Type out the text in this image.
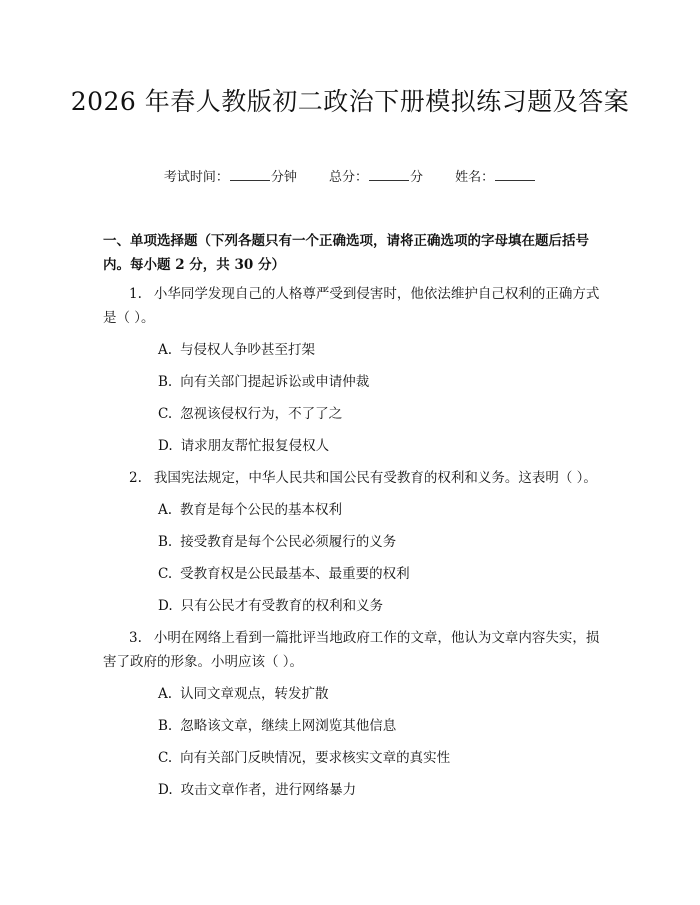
2026 年春人教版初二政治下册模拟练习题及答案
考试时间：	分钟 总分：	分 姓名：
一、单项选择题（下列各题只有一个正确选项，请将正确选项的字母填在题后括号内。每小题 2 分，共 30 分）

1. 小华同学发现自己的人格尊严受到侵害时，他依法维护自己权利的正确方式是（ ）。

A. 与侵权人争吵甚至打架

B. 向有关部门提起诉讼或申请仲裁

C. 忽视该侵权行为，不了了之

D. 请求朋友帮忙报复侵权人

2. 我国宪法规定，中华人民共和国公民有受教育的权利和义务。这表明（ ）。

A. 教育是每个公民的基本权利

B. 接受教育是每个公民必须履行的义务

C. 受教育权是公民最基本、最重要的权利

D. 只有公民才有受教育的权利和义务

3. 小明在网络上看到一篇批评当地政府工作的文章，他认为文章内容失实，损害了政府的形象。小明应该（ ）。

A. 认同文章观点，转发扩散

B. 忽略该文章，继续上网浏览其他信息

C. 向有关部门反映情况，要求核实文章的真实性

D. 攻击文章作者，进行网络暴力
